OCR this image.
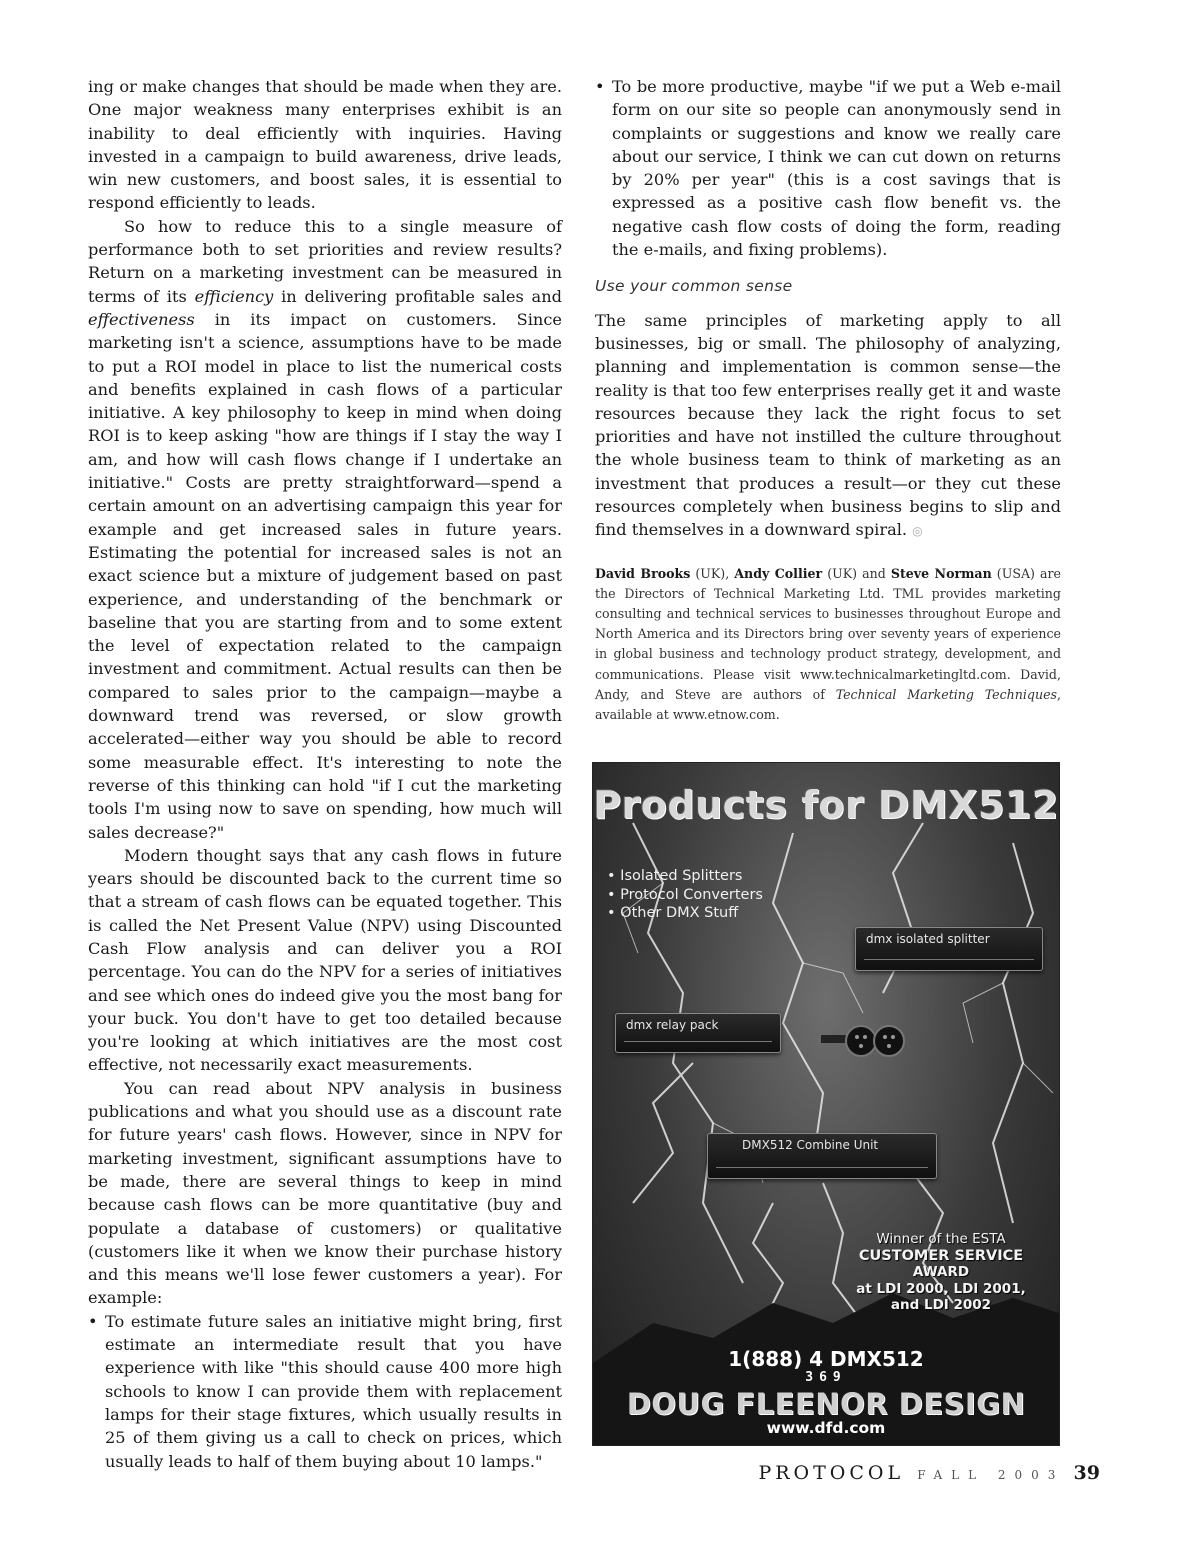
ing or make changes that should be made when they are. One major weakness many enterprises exhibit is an inability to deal efficiently with inquiries. Having invested in a campaign to build awareness, drive leads, win new customers, and boost sales, it is essential to respond efficiently to leads.

So how to reduce this to a single measure of performance both to set priorities and review results? Return on a marketing investment can be measured in terms of its efficiency in delivering profitable sales and effectiveness in its impact on customers. Since marketing isn't a science, assumptions have to be made to put a ROI model in place to list the numerical costs and benefits explained in cash flows of a particular initiative. A key philosophy to keep in mind when doing ROI is to keep asking "how are things if I stay the way I am, and how will cash flows change if I undertake an initiative." Costs are pretty straightforward—spend a certain amount on an advertising campaign this year for example and get increased sales in future years. Estimating the potential for increased sales is not an exact science but a mixture of judgement based on past experience, and understanding of the benchmark or baseline that you are starting from and to some extent the level of expectation related to the campaign investment and commitment. Actual results can then be compared to sales prior to the campaign—maybe a downward trend was reversed, or slow growth accelerated—either way you should be able to record some measurable effect. It's interesting to note the reverse of this thinking can hold "if I cut the marketing tools I'm using now to save on spending, how much will sales decrease?"

Modern thought says that any cash flows in future years should be discounted back to the current time so that a stream of cash flows can be equated together. This is called the Net Present Value (NPV) using Discounted Cash Flow analysis and can deliver you a ROI percentage. You can do the NPV for a series of initiatives and see which ones do indeed give you the most bang for your buck. You don't have to get too detailed because you're looking at which initiatives are the most cost effective, not necessarily exact measurements.

You can read about NPV analysis in business publications and what you should use as a discount rate for future years' cash flows. However, since in NPV for marketing investment, significant assumptions have to be made, there are several things to keep in mind because cash flows can be more quantitative (buy and populate a database of customers) or qualitative (customers like it when we know their purchase history and this means we'll lose fewer customers a year). For example:

• To estimate future sales an initiative might bring, first estimate an intermediate result that you have experience with like "this should cause 400 more high schools to know I can provide them with replacement lamps for their stage fixtures, which usually results in 25 of them giving us a call to check on prices, which usually leads to half of them buying about 10 lamps."

• To be more productive, maybe "if we put a Web e-mail form on our site so people can anonymously send in complaints or suggestions and know we really care about our service, I think we can cut down on returns by 20% per year" (this is a cost savings that is expressed as a positive cash flow benefit vs. the negative cash flow costs of doing the form, reading the e-mails, and fixing problems).

Use your common sense

The same principles of marketing apply to all businesses, big or small. The philosophy of analyzing, planning and implementation is common sense—the reality is that too few enterprises really get it and waste resources because they lack the right focus to set priorities and have not instilled the culture throughout the whole business team to think of marketing as an investment that produces a result—or they cut these resources completely when business begins to slip and find themselves in a downward spiral. ◎

David Brooks (UK), Andy Collier (UK) and Steve Norman (USA) are the Directors of Technical Marketing Ltd. TML provides marketing consulting and technical services to businesses throughout Europe and North America and its Directors bring over seventy years of experience in global business and technology product strategy, development, and communications. Please visit www.technicalmarketingltd.com. David, Andy, and Steve are authors of Technical Marketing Techniques, available at www.etnow.com.

Products for DMX512
• Isolated Splitters
• Protocol Converters
• Other DMX Stuff
dmx isolated splitter
dmx relay pack
DMX512 Combine Unit
Winner of the ESTA
CUSTOMER SERVICE
AWARD
at LDI 2000, LDI 2001,
and LDI 2002
1(888) 4 DMX512
369
DOUG FLEENOR DESIGN
www.dfd.com
PROTOCOL FALL 2003 39
